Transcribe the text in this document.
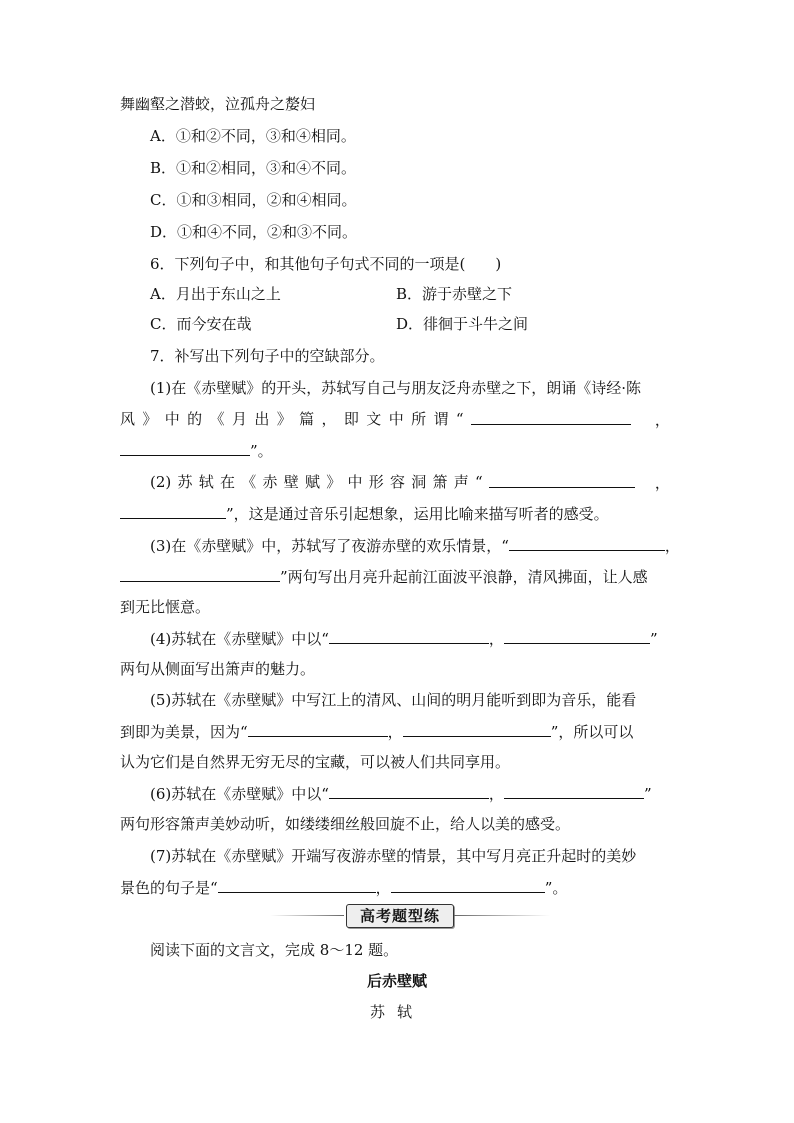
舞幽壑之潜蛟，泣孤舟之嫠妇
A．①和②不同，③和④相同。
B．①和②相同，③和④不同。
C．①和③相同，②和④相同。
D．①和④不同，②和③不同。
6．下列句子中，和其他句子句式不同的一项是(　　)
A．月出于东山之上	B．游于赤壁之下
C．而今安在哉	D．徘徊于斗牛之间
7．补写出下列句子中的空缺部分。
(1)在《赤壁赋》的开头，苏轼写自己与朋友泛舟赤壁之下，朗诵《诗经·陈
风 》 中 的 《 月 出 》 篇 ， 即 文 中 所 谓 “	，
”。
(2) 苏 轼 在 《 赤 壁 赋 》 中 形 容 洞 箫 声 “	，
”，这是通过音乐引起想象，运用比喻来描写听者的感受。
(3)在《赤壁赋》中，苏轼写了夜游赤壁的欢乐情景，“	，
”两句写出月亮升起前江面波平浪静，清风拂面，让人感
到无比惬意。
(4)苏轼在《赤壁赋》中以“	，	”
两句从侧面写出箫声的魅力。
(5)苏轼在《赤壁赋》中写江上的清风、山间的明月能听到即为音乐，能看
到即为美景，因为“	，	”，所以可以
认为它们是自然界无穷无尽的宝藏，可以被人们共同享用。
(6)苏轼在《赤壁赋》中以“	，	”
两句形容箫声美妙动听，如缕缕细丝般回旋不止，给人以美的感受。
(7)苏轼在《赤壁赋》开端写夜游赤壁的情景，其中写月亮正升起时的美妙
景色的句子是“	，	”。
高考题型练
阅读下面的文言文，完成 8～12 题。
后赤壁赋
苏轼
